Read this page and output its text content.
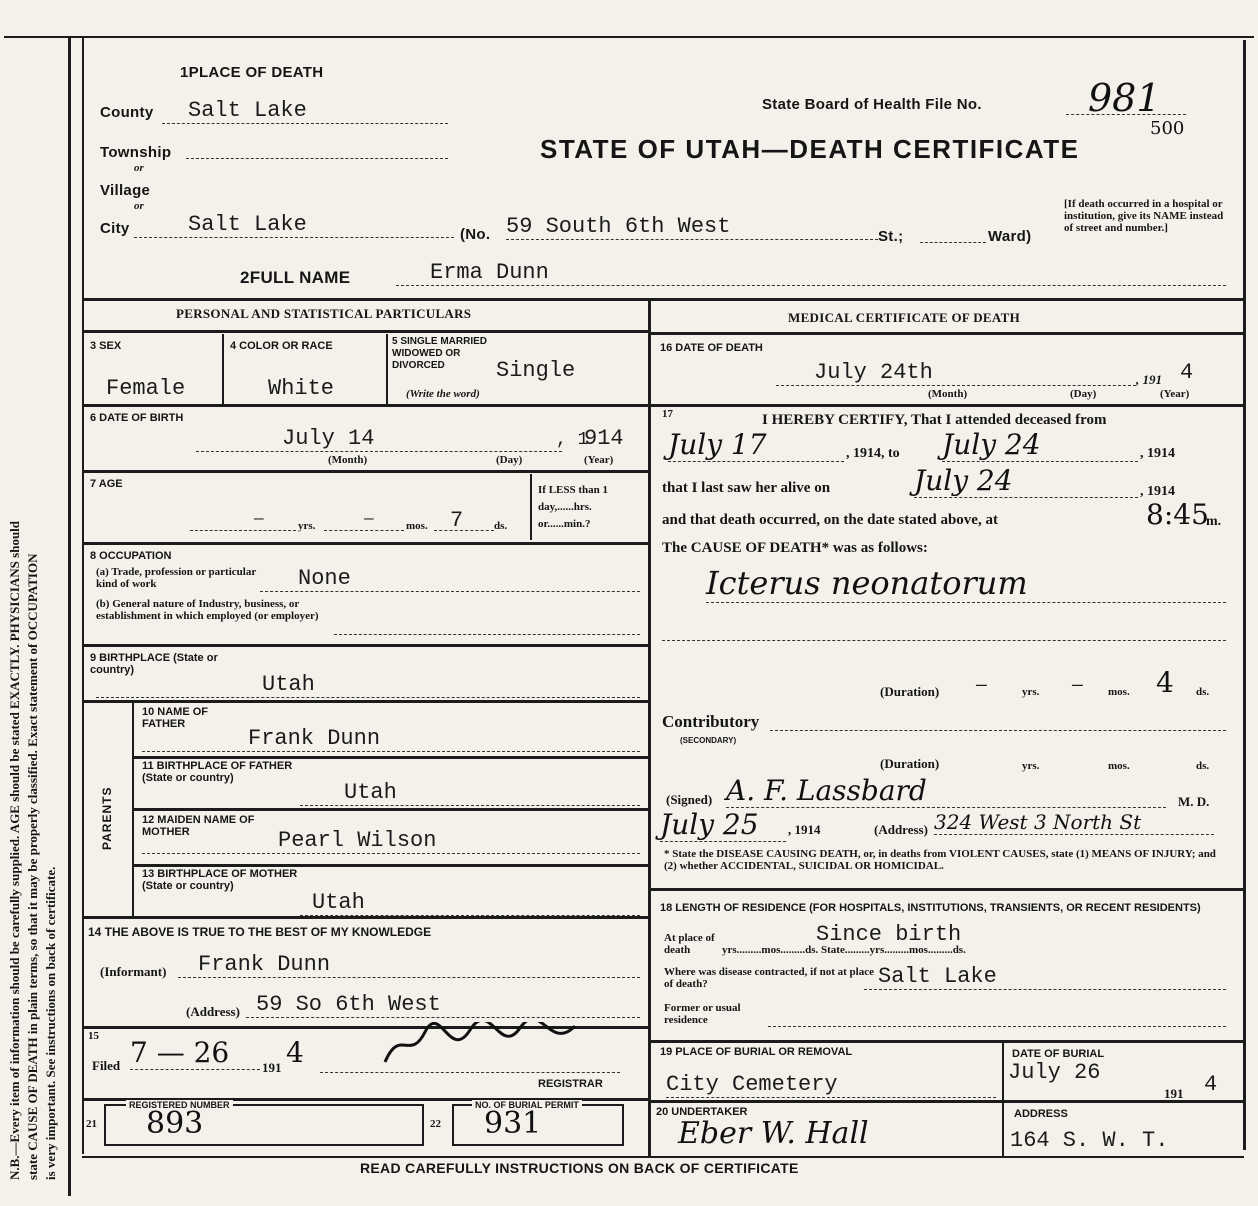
N.B.—Every item of information should be carefully supplied. AGE should be stated EXACTLY. PHYSICIANS should state CAUSE OF DEATH in plain terms, so that it may be properly classified. Exact statement of OCCUPATION is very important. See instructions on back of certificate.
1PLACE OF DEATH
County	Salt Lake
Township
or
Village
or
City	Salt Lake	(No. 59 South 6th West	St.;	Ward)
[If death occurred in a hospital or institution, give its NAME instead of street and number.]
State Board of Health File No.	981
500
STATE OF UTAH—DEATH CERTIFICATE
2FULL NAME	Erma Dunn
PERSONAL AND STATISTICAL PARTICULARS
3 SEX
Female
4 COLOR OR RACE
White
5 SINGLE MARRIED WIDOWED OR DIVORCED	Single
(Write the word)
6 DATE OF BIRTH
July 14	, 1
914
(Month)	(Day)	(Year)
7 AGE
—	yrs.	—	mos. 7	ds.
If LESS than 1 day,......hrs. or......min.?
8 OCCUPATION
(a) Trade, profession or particular kind of work	None
(b) General nature of Industry, business, or establishment in which employed (or employer)
9 BIRTHPLACE (State or country)
Utah
PARENTS
10 NAME OF FATHER
Frank Dunn
11 BIRTHPLACE OF FATHER (State or country)
Utah
12 MAIDEN NAME OF MOTHER	Pearl Wilson
13 BIRTHPLACE OF MOTHER (State or country)
Utah
14 THE ABOVE IS TRUE TO THE BEST OF MY KNOWLEDGE
(Informant)	Frank Dunn
(Address) 59 So 6th West
15
Filed 7 — 26	191 4
REGISTRAR
21
REGISTERED NUMBER
893	22
NO. OF BURIAL PERMIT
931
MEDICAL CERTIFICATE OF DEATH
16 DATE OF DEATH
July 24th	, 191 4
(Month)	(Day)	(Year)
17	I HEREBY CERTIFY, That I attended deceased from
July 17	, 1914, to July 24	, 1914
that I last saw her alive on	July 24	, 1914
and that death occurred, on the date stated above, at	8:45
m.
The CAUSE OF DEATH* was as follows:
Icterus neonatorum
(Duration) —	yrs. — mos. 4 ds.
Contributory
(SECONDARY)
(Duration)	yrs.	mos.	ds.
(Signed) A. F. Lassbard	M. D.
July 25	, 1914	(Address) 324 West 3 North St
* State the DISEASE CAUSING DEATH, or, in deaths from VIOLENT CAUSES, state (1) MEANS OF INJURY; and (2) whether ACCIDENTAL, SUICIDAL OR HOMICIDAL.
18 LENGTH OF RESIDENCE (FOR HOSPITALS, INSTITUTIONS, TRANSIENTS, OR RECENT RESIDENTS)
At place of death
Since birth
yrs.........mos.........ds. State.........yrs.........mos.........ds.
Where was disease contracted, if not at place of death?	Salt Lake
Former or usual residence
19 PLACE OF BURIAL OR REMOVAL
City Cemetery
DATE OF BURIAL
July 26
191 4
20 UNDERTAKER
Eber W. Hall
ADDRESS
164 S. W. T.
READ CAREFULLY INSTRUCTIONS ON BACK OF CERTIFICATE
